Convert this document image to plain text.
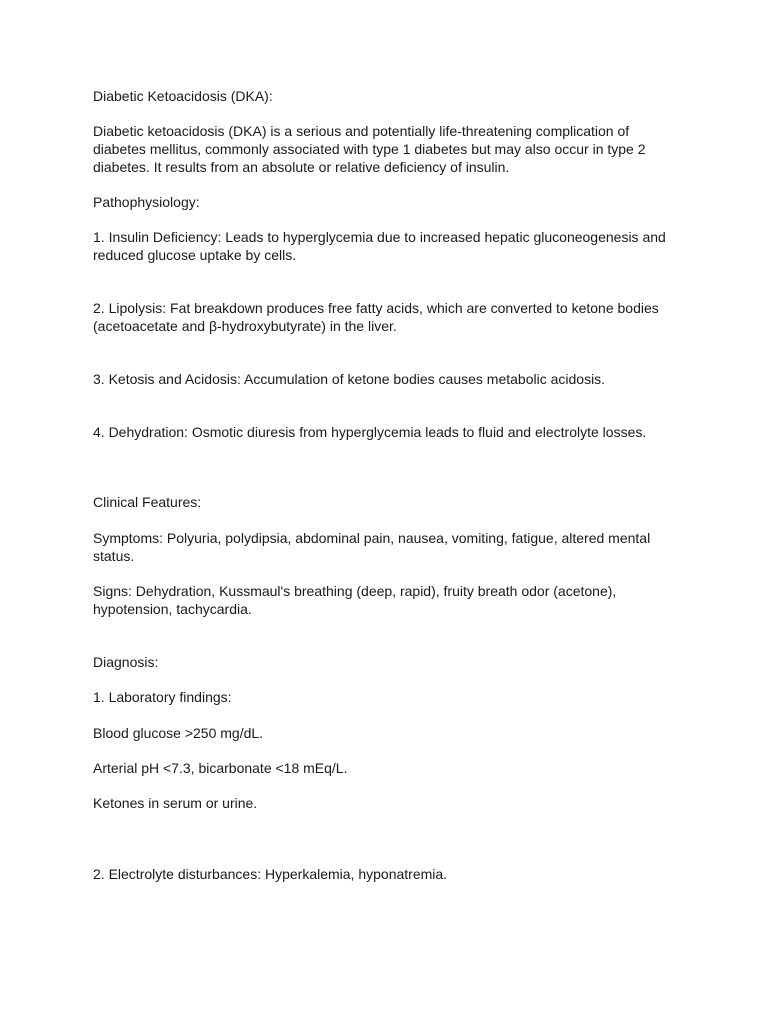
Diabetic Ketoacidosis (DKA):

Diabetic ketoacidosis (DKA) is a serious and potentially life-threatening complication of

diabetes mellitus, commonly associated with type 1 diabetes but may also occur in type 2

diabetes. It results from an absolute or relative deficiency of insulin.

Pathophysiology:

1. Insulin Deficiency: Leads to hyperglycemia due to increased hepatic gluconeogenesis and

reduced glucose uptake by cells.

2. Lipolysis: Fat breakdown produces free fatty acids, which are converted to ketone bodies

(acetoacetate and β-hydroxybutyrate) in the liver.

3. Ketosis and Acidosis: Accumulation of ketone bodies causes metabolic acidosis.

4. Dehydration: Osmotic diuresis from hyperglycemia leads to fluid and electrolyte losses.

Clinical Features:

Symptoms: Polyuria, polydipsia, abdominal pain, nausea, vomiting, fatigue, altered mental

status.

Signs: Dehydration, Kussmaul's breathing (deep, rapid), fruity breath odor (acetone),

hypotension, tachycardia.

Diagnosis:

1. Laboratory findings:

Blood glucose >250 mg/dL.

Arterial pH <7.3, bicarbonate <18 mEq/L.

Ketones in serum or urine.

2. Electrolyte disturbances: Hyperkalemia, hyponatremia.
